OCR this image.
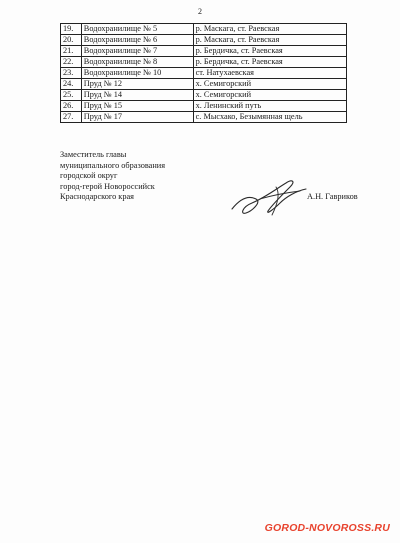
2
19.	Водохранилище № 5	р. Маскага, ст. Раевская
20.	Водохранилище № 6	р. Маскага, ст. Раевская
21.	Водохранилище № 7	р. Бердичка, ст. Раевская
22.	Водохранилище № 8	р. Бердичка, ст. Раевская
23.	Водохранилище № 10	ст. Натухаевская
24.	Пруд № 12	х. Семигорский
25.	Пруд № 14	х. Семигорский
26.	Пруд № 15	х. Ленинский путь
27.	Пруд № 17	с. Мысхако, Безымянная щель
Заместитель главы
муниципального образования
городской округ
город-герой Новороссийск
Краснодарского края	А.Н. Гавриков
GOROD-NOVOROSS.RU
